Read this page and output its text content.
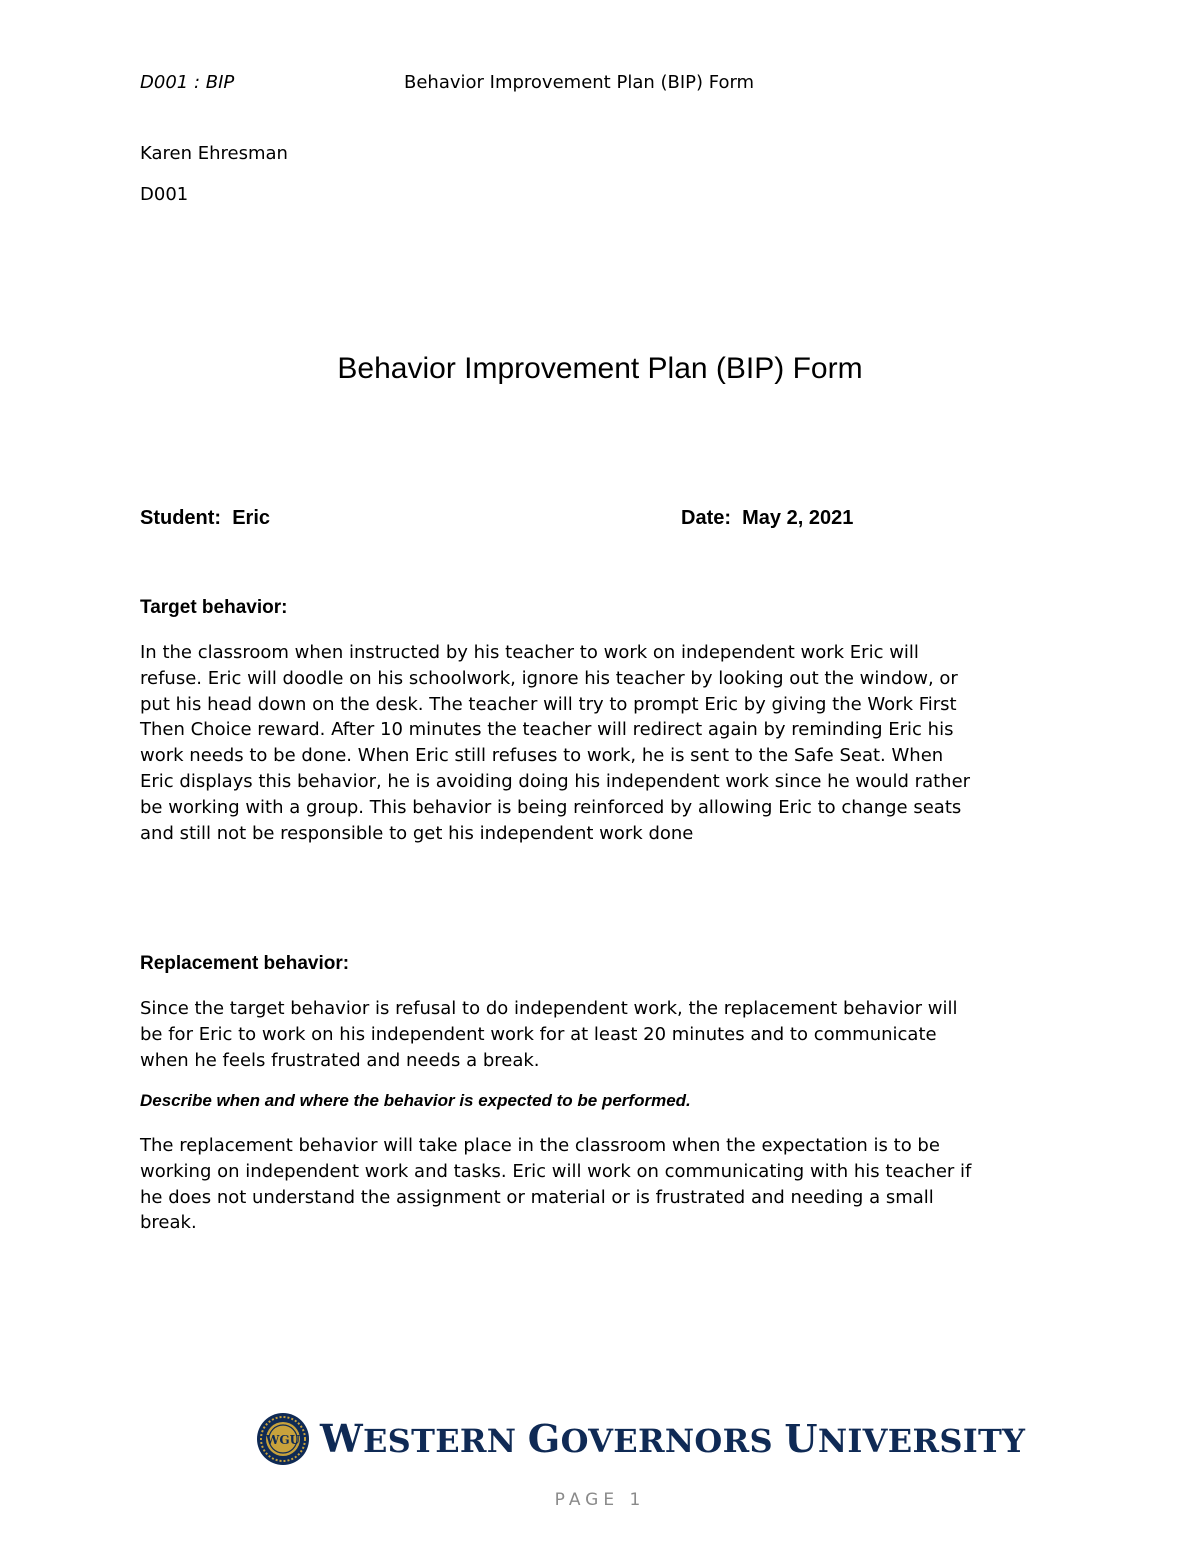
D001 : BIP	Behavior Improvement Plan (BIP) Form
Karen Ehresman
D001
Behavior Improvement Plan (BIP) Form
Student: Eric	Date: May 2, 2021
Target behavior:
In the classroom when instructed by his teacher to work on independent work Eric will
refuse. Eric will doodle on his schoolwork, ignore his teacher by looking out the window, or
put his head down on the desk. The teacher will try to prompt Eric by giving the Work First
Then Choice reward. After 10 minutes the teacher will redirect again by reminding Eric his
work needs to be done. When Eric still refuses to work, he is sent to the Safe Seat. When
Eric displays this behavior, he is avoiding doing his independent work since he would rather
be working with a group. This behavior is being reinforced by allowing Eric to change seats
and still not be responsible to get his independent work done
Replacement behavior:
Since the target behavior is refusal to do independent work, the replacement behavior will
be for Eric to work on his independent work for at least 20 minutes and to communicate
when he feels frustrated and needs a break.
Describe when and where the behavior is expected to be performed.
The replacement behavior will take place in the classroom when the expectation is to be
working on independent work and tasks. Eric will work on communicating with his teacher if
he does not understand the assignment or material or is frustrated and needing a small
break.
WGU WESTERN GOVERNORS UNIVERSITY
PAGE 1
